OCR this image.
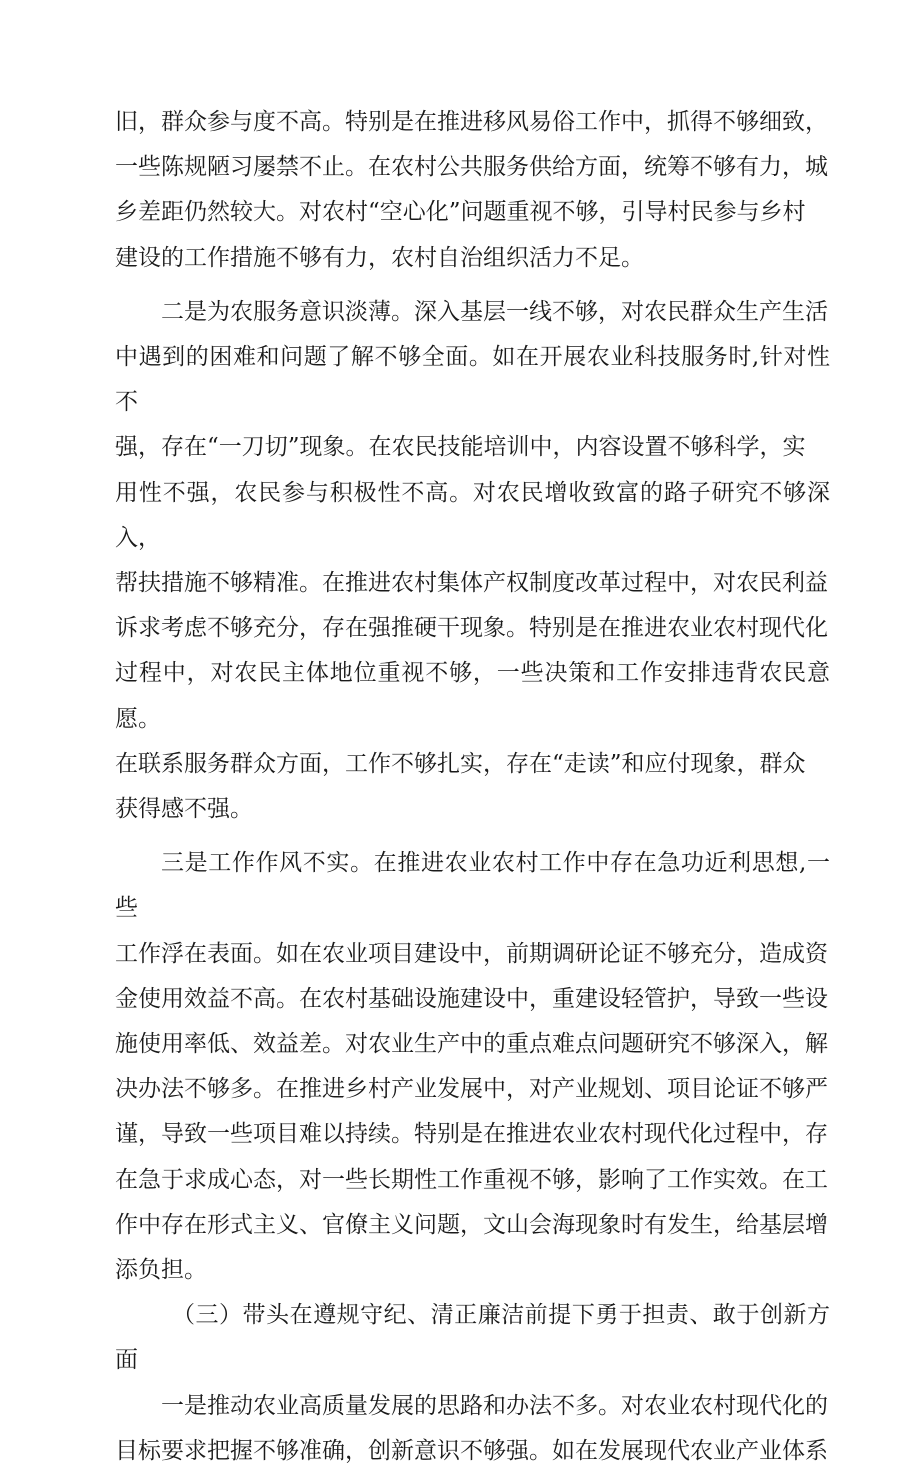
旧，群众参与度不高。特别是在推进移风易俗工作中，抓得不够细致，
一些陈规陋习屡禁不止。在农村公共服务供给方面，统筹不够有力，城
乡差距仍然较大。对农村“空心化”问题重视不够，引导村民参与乡村
建设的工作措施不够有力，农村自治组织活力不足。

二是为农服务意识淡薄。深入基层一线不够，对农民群众生产生活
中遇到的困难和问题了解不够全面。如在开展农业科技服务时,针对性不
强，存在“一刀切”现象。在农民技能培训中，内容设置不够科学，实
用性不强，农民参与积极性不高。对农民增收致富的路子研究不够深入，
帮扶措施不够精准。在推进农村集体产权制度改革过程中，对农民利益
诉求考虑不够充分，存在强推硬干现象。特别是在推进农业农村现代化
过程中，对农民主体地位重视不够，一些决策和工作安排违背农民意愿。
在联系服务群众方面，工作不够扎实，存在“走读”和应付现象，群众
获得感不强。

三是工作作风不实。在推进农业农村工作中存在急功近利思想,一些
工作浮在表面。如在农业项目建设中，前期调研论证不够充分，造成资
金使用效益不高。在农村基础设施建设中，重建设轻管护，导致一些设
施使用率低、效益差。对农业生产中的重点难点问题研究不够深入，解
决办法不够多。在推进乡村产业发展中，对产业规划、项目论证不够严
谨，导致一些项目难以持续。特别是在推进农业农村现代化过程中，存
在急于求成心态，对一些长期性工作重视不够，影响了工作实效。在工
作中存在形式主义、官僚主义问题，文山会海现象时有发生，给基层增
添负担。

（三）带头在遵规守纪、清正廉洁前提下勇于担责、敢于创新方面

一是推动农业高质量发展的思路和办法不多。对农业农村现代化的
目标要求把握不够准确，创新意识不够强。如在发展现代农业产业体系
